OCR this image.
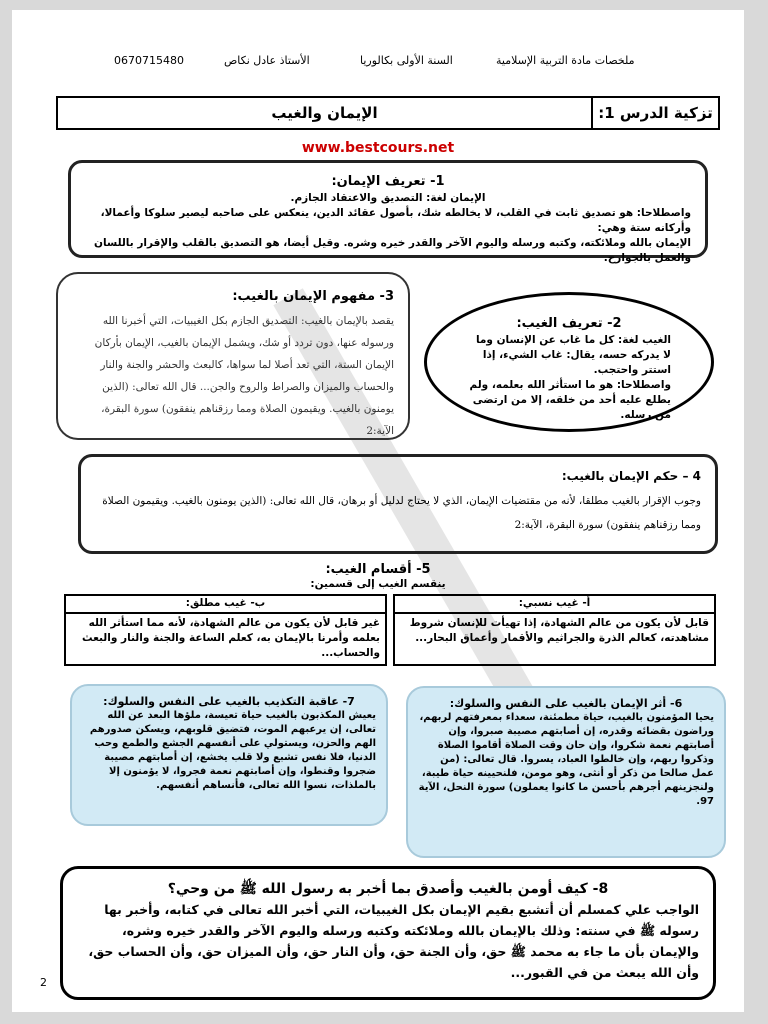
0670715480	الأستاذ عادل نكاص	السنة الأولى بكالوريا	ملخصات مادة التربية الإسلامية
تزكية الدرس 1:
الإيمان والغيب
www.bestcours.net
1- تعريف الإيمان:
الإيمان لغة: التصديق والاعتقاد الجازم.
واصطلاحا: هو تصديق ثابت في القلب، لا يخالطه شك، بأصول عقائد الدين، ينعكس على صاحبه ليصير سلوكا وأعمالا، وأركانه ستة وهي:
الإيمان بالله وملائكته، وكتبه ورسله واليوم الآخر والقدر خيره وشره. وقيل أيضا، هو التصديق بالقلب والإقرار باللسان والعمل بالجوارح.
3- مفهوم الإيمان بالغيب:

يقصد بالإيمان بالغيب: التصديق الجازم بكل الغيبيات، التي أخبرنا الله ورسوله عنها، دون تردد أو شك، ويشمل الإيمان بالغيب، الإيمان بأركان الإيمان الستة، التي تعد أصلا لما سواها، كالبعث والحشر والجنة والنار والحساب والميزان والصراط والروح والجن... قال الله تعالى: (الذين يومنون بالغيب. ويقيمون الصلاة ومما رزقناهم ينفقون) سورة البقرة، الآية:2

2- تعريف الغيب:
الغيب لغة: كل ما غاب عن الإنسان وما لا يدركه حسه، يقال: غاب الشيء، إذا استتر واحتجب.
واصطلاحا: هو ما استأثر الله بعلمه، ولم يطلع عليه أحد من خلقه، إلا من ارتضى من رسله.
4 – حكم الإيمان بالغيب:

وجوب الإقرار بالغيب مطلقا، لأنه من مقتضيات الإيمان، الذي لا يحتاج لدليل أو برهان، قال الله تعالى: (الذين يومنون بالغيب. ويقيمون الصلاة ومما رزقناهم ينفقون) سورة البقرة، الآية:2

5- أقسام الغيب:
ينقسم الغيب إلى قسمين:
أ- غيب نسبي:
قابل لأن يكون من عالم الشهادة، إذا تهيأت للإنسان شروط مشاهدته، كعالم الذرة والجراثيم والأقمار وأعماق البحار...
ب- غيب مطلق:
غير قابل لأن يكون من عالم الشهادة، لأنه مما استأثر الله بعلمه وأمرنا بالإيمان به، كعلم الساعة والجنة والنار والبعث والحساب...
7- عاقبة التكذيب بالغيب على النفس والسلوك:
يعيش المكذبون بالغيب حياة تعيسة، ملؤها البعد عن الله تعالى، إن يرعبهم الموت، فتضيق قلوبهم، ويسكن صدورهم الهم والحزن، ويستولي على أنفسهم الجشع والطمع وحب الدنيا، فلا نفس تشبع ولا قلب يخشع، إن أصابتهم مصيبة ضجروا وقنطوا، وإن أصابتهم نعمة فجروا، لا يؤمنون إلا بالملذات، نسوا الله تعالى، فأنساهم أنفسهم.
6- أثر الإيمان بالغيب على النفس والسلوك:
يحيا المؤمنون بالغيب، حياة مطمئنة، سعداء بمعرفتهم لربهم، وراضون بقضائه وقدره، إن أصابتهم مصيبة صبروا، وإن أصابتهم نعمة شكروا، وإن حان وقت الصلاة أقاموا الصلاة وذكروا ربهم، وإن خالطوا العباد، يسروا. قال تعالى: (من عمل صالحا من ذكر أو أنثى، وهو مومن، فلنحيينه حياة طيبة، ولنجزينهم أجرهم بأحسن ما كانوا يعملون) سورة النحل، الآية 97.
8- كيف أومن بالغيب وأصدق بما أخبر به رسول الله ﷺ من وحي؟
الواجب علي كمسلم أن أتشبع بقيم الإيمان بكل الغيبيات، التي أخبر الله تعالى في كتابه، وأخبر بها رسوله ﷺ في سنته: وذلك بالإيمان بالله وملائكته وكتبه ورسله واليوم الآخر والقدر خيره وشره، والإيمان بأن ما جاء به محمد ﷺ حق، وأن الجنة حق، وأن النار حق، وأن الميزان حق، وأن الحساب حق، وأن الله يبعث من في القبور...
2
